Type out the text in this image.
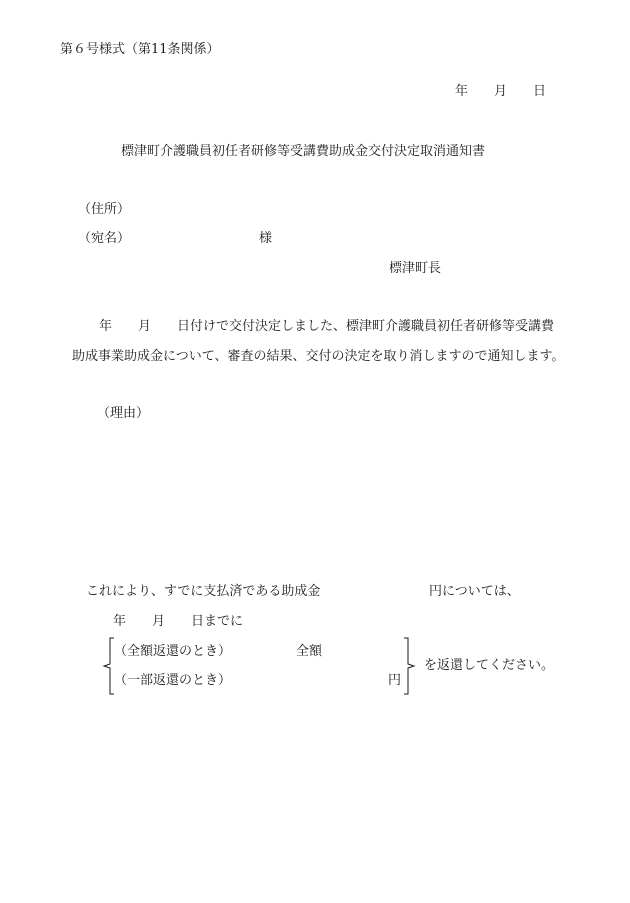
第６号様式（第11条関係）
年　　月　　日
標津町介護職員初任者研修等受講費助成金交付決定取消通知書
（住所）
（宛名）	様
標津町長
年　　月　　日付けで交付決定しました、標津町介護職員初任者研修等受講費
助成事業助成金について、審査の結果、交付の決定を取り消しますので通知します。
（理由）
これにより、すでに支払済である助成金	円については、
年　　月　　日までに
（全額返還のとき）	全額
（一部返還のとき）	円
を返還してください。
